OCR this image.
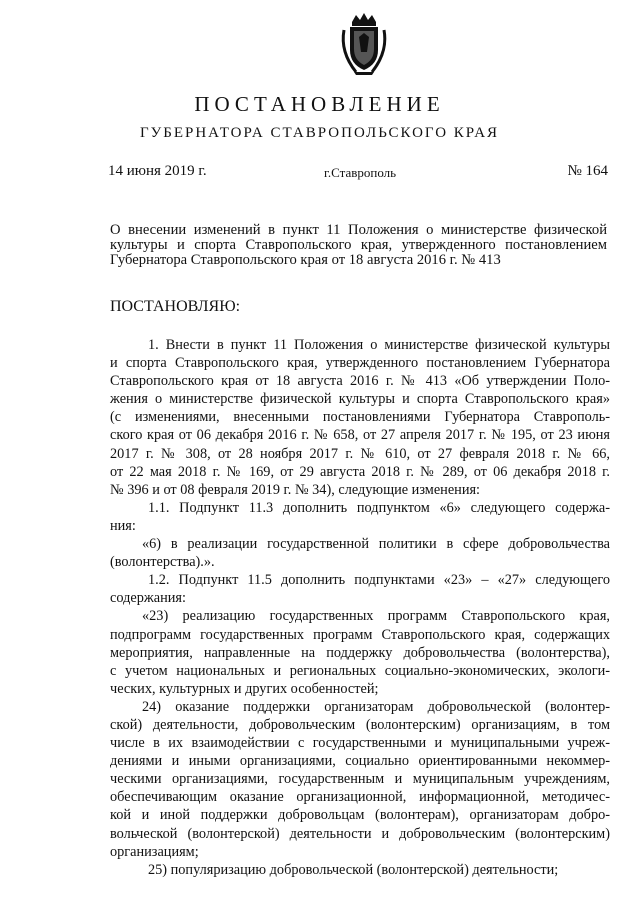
ПОСТАНОВЛЕНИЕ
ГУБЕРНАТОРА СТАВРОПОЛЬСКОГО КРАЯ
14 июня 2019 г.	г.Ставрополь	№ 164

О внесении изменений в пункт 11 Положения о министерстве физической

культуры и спорта Ставропольского края, утвержденного постановлением

Губернатора Ставропольского края от 18 августа 2016 г. № 413

ПОСТАНОВЛЯЮ:

1. Внести в пункт 11 Положения о министерстве физической культуры

и спорта Ставропольского края, утвержденного постановлением Губернатора

Ставропольского края от 18 августа 2016 г. № 413 «Об утверждении Поло-

жения о министерстве физической культуры и спорта Ставропольского края»

(с изменениями, внесенными постановлениями Губернатора Ставрополь-

ского края от 06 декабря 2016 г. № 658, от 27 апреля 2017 г. № 195, от 23 июня

2017 г. № 308, от 28 ноября 2017 г. № 610, от 27 февраля 2018 г. № 66,

от 22 мая 2018 г. № 169, от 29 августа 2018 г. № 289, от 06 декабря 2018 г.

№ 396 и от 08 февраля 2019 г. № 34), следующие изменения:

1.1. Подпункт 11.3 дополнить подпунктом «6» следующего содержа-

ния:

«6) в реализации государственной политики в сфере добровольчества

(волонтерства).».

1.2. Подпункт 11.5 дополнить подпунктами «23» – «27» следующего

содержания:

«23) реализацию государственных программ Ставропольского края,

подпрограмм государственных программ Ставропольского края, содержащих

мероприятия, направленные на поддержку добровольчества (волонтерства),

с учетом национальных и региональных социально-экономических, экологи-

ческих, культурных и других особенностей;

24) оказание поддержки организаторам добровольческой (волонтер-

ской) деятельности, добровольческим (волонтерским) организациям, в том

числе в их взаимодействии с государственными и муниципальными учреж-

дениями и иными организациями, социально ориентированными некоммер-

ческими организациями, государственным и муниципальным учреждениям,

обеспечивающим оказание организационной, информационной, методичес-

кой и иной поддержки добровольцам (волонтерам), организаторам добро-

вольческой (волонтерской) деятельности и добровольческим (волонтерским)

организациям;

25) популяризацию добровольческой (волонтерской) деятельности;
